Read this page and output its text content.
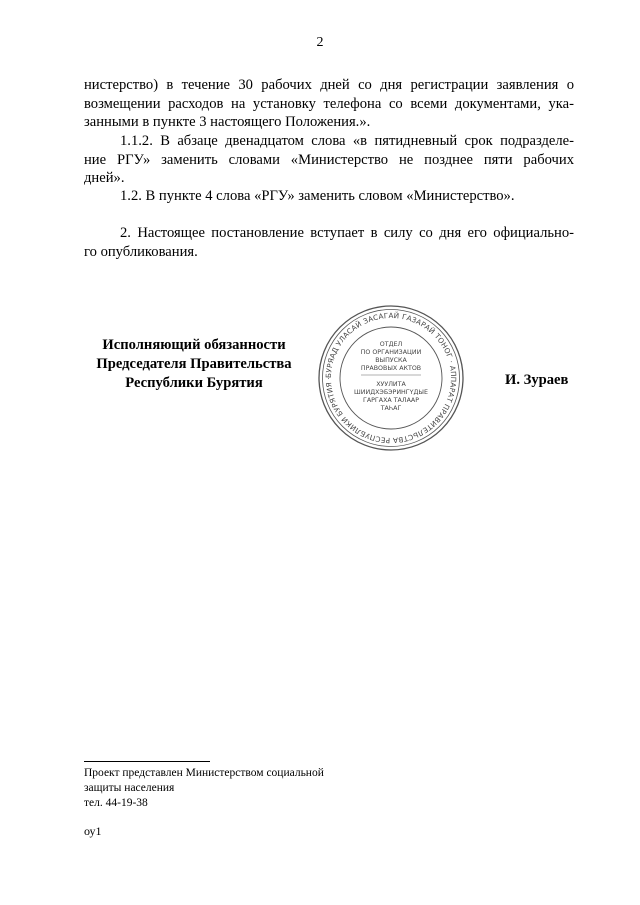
2
нистерство) в течение 30 рабочих дней со дня регистрации заявления о
возмещении расходов на установку телефона со всеми документами, ука-
занными в пункте 3 настоящего Положения.».
1.1.2. В абзаце двенадцатом слова «в пятидневный срок подразделе-
ние РГУ» заменить словами «Министерство не позднее пяти рабочих
дней».
1.2. В пункте 4 слова «РГУ» заменить словом «Министерство».
2. Настоящее постановление вступает в силу со дня его официально-
го опубликования.
Исполняющий обязанности
Председателя Правительства
Республики Бурятия	БУРЯАД УЛАСАЙ ЗАСАГАЙ ГАЗАРАЙ ТОНОГ · АППАРАТ ПРАВИТЕЛЬСТВА РЕСПУБЛИКИ БУРЯТИЯ ·
ОТДЕЛ
ПО ОРГАНИЗАЦИИ
ВЫПУСКА
ПРАВОВЫХ АКТОВ
ХУУЛИТА
ШИИДХЭБЭРИНГҮДЫЕ
ГАРГАХА ТАЛААР
ТАҺАГ
И. Зураев
Проект представлен Министерством социальной
защиты населения
тел. 44-19-38
оу1
